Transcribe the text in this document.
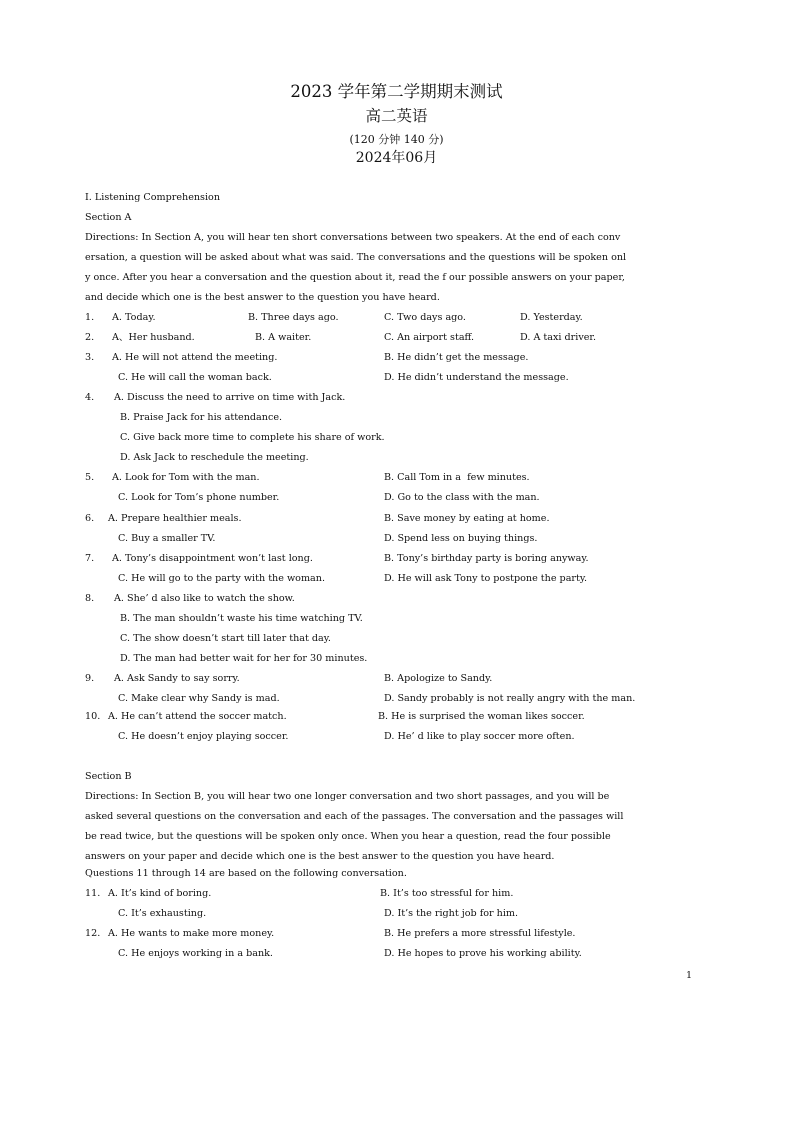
2023 学年第二学期期末测试
高二英语
(120 分钟 140 分)
2024年06月
I. Listening Comprehension
Section A
Directions: In Section A, you will hear ten short conversations between two speakers. At the end of each conv
ersation, a question will be asked about what was said. The conversations and the questions will be spoken onl
y once. After you hear a conversation and the question about it, read the f our possible answers on your paper,
and decide which one is the best answer to the question you have heard.
1. A. Today.	B. Three days ago.	C. Two days ago.	D. Yesterday.
2. A、Her husband.	B. A waiter.	C. An airport staff.	D. A taxi driver.
3. A. He will not attend the meeting.	B. He didn’t get the message.
C. He will call the woman back.	D. He didn’t understand the message.
4. A. Discuss the need to arrive on time with Jack.
B. Praise Jack for his attendance.
C. Give back more time to complete his share of work.
D. Ask Jack to reschedule the meeting.
5. A. Look for Tom with the man.	B. Call Tom in a  few minutes.
C. Look for Tom’s phone number.	D. Go to the class with the man.
6. A. Prepare healthier meals.	B. Save money by eating at home.
C. Buy a smaller TV.	D. Spend less on buying things.
7. A. Tony’s disappointment won’t last long.	B. Tony’s birthday party is boring anyway.
C. He will go to the party with the woman.	D. He will ask Tony to postpone the party.
8. A. She’ d also like to watch the show.
B. The man shouldn’t waste his time watching TV.
C. The show doesn’t start till later that day.
D. The man had better wait for her for 30 minutes.
9. A. Ask Sandy to say sorry.	B. Apologize to Sandy.
C. Make clear why Sandy is mad.	D. Sandy probably is not really angry with the man.
10. A. He can’t attend the soccer match.	B. He is surprised the woman likes soccer.
C. He doesn’t enjoy playing soccer.	D. He’ d like to play soccer more often.
Section B
Directions: In Section B, you will hear two one longer conversation and two short passages, and you will be
asked several questions on the conversation and each of the passages. The conversation and the passages will
be read twice, but the questions will be spoken only once. When you hear a question, read the four possible
answers on your paper and decide which one is the best answer to the question you have heard.
Questions 11 through 14 are based on the following conversation.
11. A. It’s kind of boring.	B. It’s too stressful for him.
C. It’s exhausting.	D. It’s the right job for him.
12. A. He wants to make more money.	B. He prefers a more stressful lifestyle.
C. He enjoys working in a bank.	D. He hopes to prove his working ability.
1
